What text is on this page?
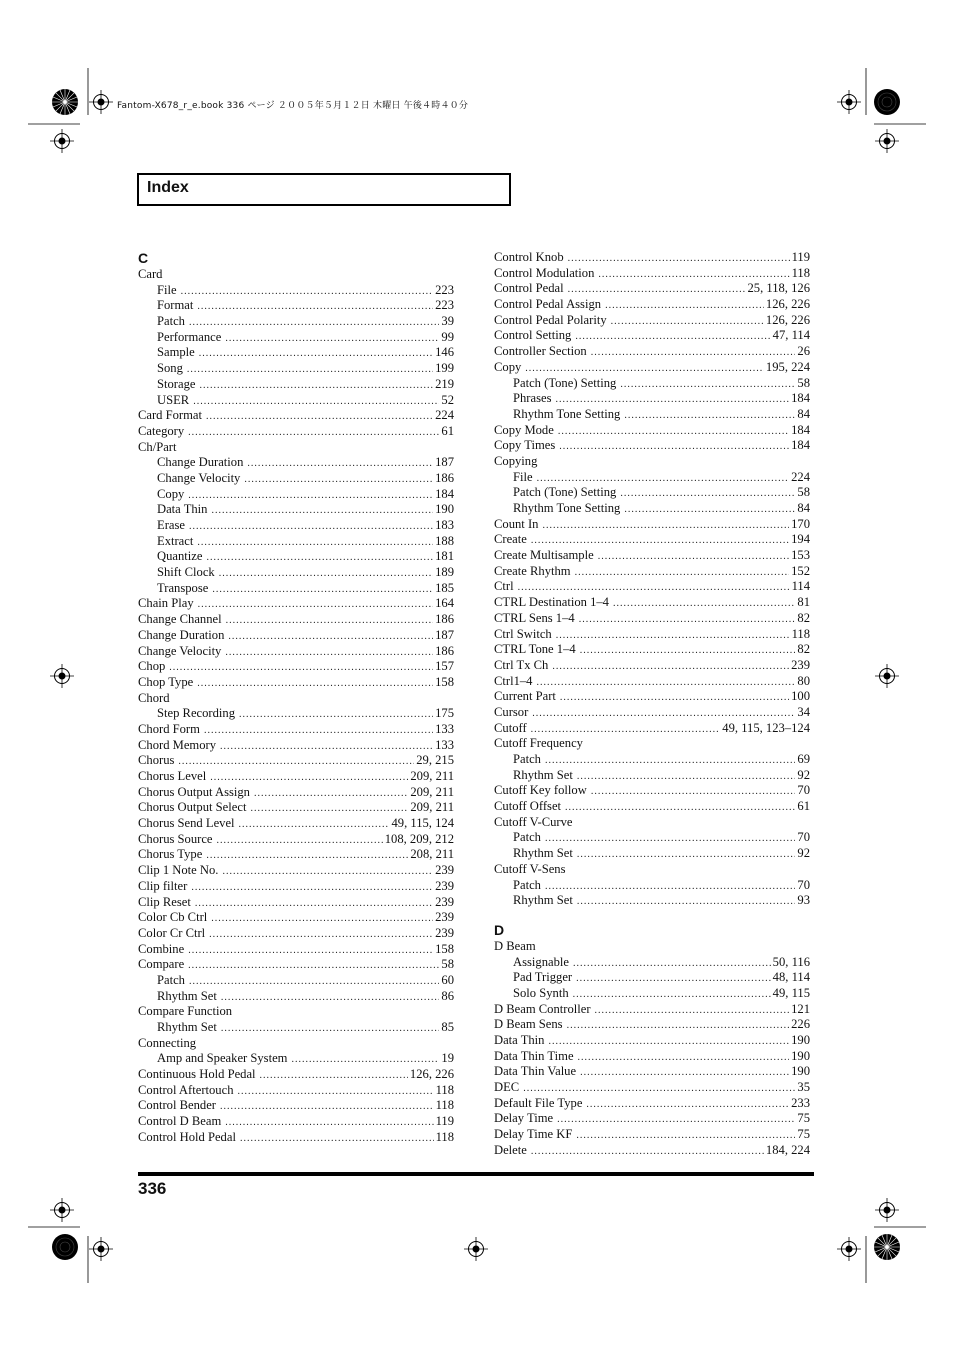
Fantom-X678_r_e.book 336 ページ ２００５年５月１２日 木曜日 午後４時４０分
Index
C
Card
File .....	223
Format .....	223
Patch .....	39
Performance .....	99
Sample .....	146
Song .....	199
Storage .....	219
USER .....	52
Card Format .....	224
Category .....	61
Ch/Part
Change Duration .....	187
Change Velocity .....	186
Copy .....	184
Data Thin .....	190
Erase .....	183
Extract .....	188
Quantize .....	181
Shift Clock .....	189
Transpose .....	185
Chain Play .....	164
Change Channel .....	186
Change Duration .....	187
Change Velocity .....	186
Chop .....	157
Chop Type .....	158
Chord
Step Recording .....	175
Chord Form .....	133
Chord Memory .....	133
Chorus .....	29, 215
Chorus Level .....	209, 211
Chorus Output Assign .....	209, 211
Chorus Output Select .....	209, 211
Chorus Send Level .....	49, 115, 124
Chorus Source .....	108, 209, 212
Chorus Type .....	208, 211
Clip 1 Note No. .....	239
Clip filter .....	239
Clip Reset .....	239
Color Cb Ctrl .....	239
Color Cr Ctrl .....	239
Combine .....	158
Compare .....	58
Patch .....	60
Rhythm Set .....	86
Compare Function
Rhythm Set .....	85
Connecting
Amp and Speaker System .....	19
Continuous Hold Pedal .....	126, 226
Control Aftertouch .....	118
Control Bender .....	118
Control D Beam .....	119
Control Hold Pedal .....	118
Control Knob .....	119
Control Modulation .....	118
Control Pedal .....	25, 118, 126
Control Pedal Assign .....	126, 226
Control Pedal Polarity .....	126, 226
Control Setting .....	47, 114
Controller Section .....	26
Copy .....	195, 224
Patch (Tone) Setting .....	58
Phrases .....	184
Rhythm Tone Setting .....	84
Copy Mode .....	184
Copy Times .....	184
Copying
File .....	224
Patch (Tone) Setting .....	58
Rhythm Tone Setting .....	84
Count In .....	170
Create .....	194
Create Multisample .....	153
Create Rhythm .....	152
Ctrl .....	114
CTRL Destination 1–4 .....	81
CTRL Sens 1–4 .....	82
Ctrl Switch .....	118
CTRL Tone 1–4 .....	82
Ctrl Tx Ch .....	239
Ctrl1–4 .....	80
Current Part .....	100
Cursor .....	34
Cutoff .....	49, 115, 123–124
Cutoff Frequency
Patch .....	69
Rhythm Set .....	92
Cutoff Key follow .....	70
Cutoff Offset .....	61
Cutoff V-Curve
Patch .....	70
Rhythm Set .....	92
Cutoff V-Sens
Patch .....	70
Rhythm Set .....	93
D
D Beam
Assignable .....	50, 116
Pad Trigger .....	48, 114
Solo Synth .....	49, 115
D Beam Controller .....	121
D Beam Sens .....	226
Data Thin .....	190
Data Thin Time .....	190
Data Thin Value .....	190
DEC .....	35
Default File Type .....	233
Delay Time .....	75
Delay Time KF .....	75
Delete .....	184, 224
336
